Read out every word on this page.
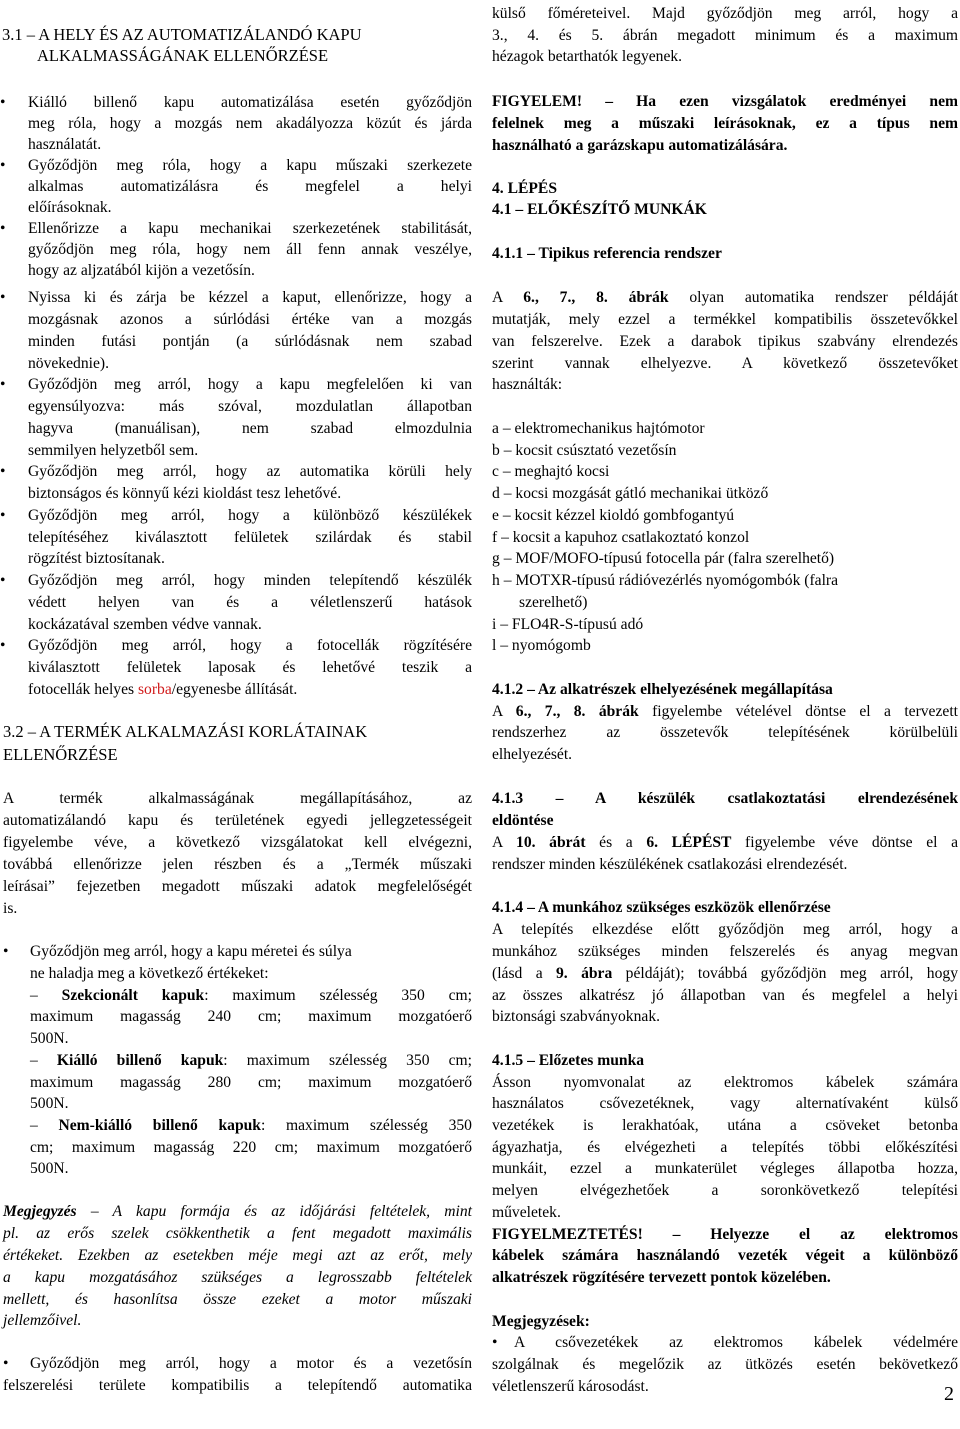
3.1 – A HELY ÉS AZ AUTOMATIZÁLANDÓ KAPU
ALKALMASSÁGÁNAK ELLENŐRZÉSE
•	Kiálló billenő kapu automatizálása esetén győződjön
meg róla, hogy a mozgás nem akadályozza közút és járda
használatát.
•	Győződjön meg róla, hogy a kapu műszaki szerkezete
alkalmas automatizálásra és megfelel a helyi
előírásoknak.
•	Ellenőrizze a kapu mechanikai szerkezetének stabilitását,
győződjön meg róla, hogy nem áll fenn annak veszélye,
hogy az aljzatából kijön a vezetősín.
•	Nyissa ki és zárja be kézzel a kaput, ellenőrizze, hogy a
mozgásnak azonos a súrlódási értéke van a mozgás
minden futási pontján (a súrlódásnak nem szabad
növekednie).
•	Győződjön meg arról, hogy a kapu megfelelően ki van
egyensúlyozva: más szóval, mozdulatlan állapotban
hagyva (manuálisan), nem szabad elmozdulnia
semmilyen helyzetből sem.
•	Győződjön meg arról, hogy az automatika körüli hely
biztonságos és könnyű kézi kioldást tesz lehetővé.
•	Győződjön meg arról, hogy a különböző készülékek
telepítéséhez kiválasztott felületek szilárdak és stabil
rögzítést biztosítanak.
•	Győződjön meg arról, hogy minden telepítendő készülék
védett helyen van és a véletlenszerű hatások
kockázatával szemben védve vannak.
•	Győződjön meg arról, hogy a fotocellák rögzítésére
kiválasztott felületek laposak és lehetővé teszik a
fotocellák helyes sorba/egyenesbe állítását.
3.2 – A TERMÉK ALKALMAZÁSI KORLÁTAINAK
ELLENŐRZÉSE
A termék alkalmasságának megállapításához, az
automatizálandó kapu és területének egyedi jellegzetességeit
figyelembe véve, a következő vizsgálatokat kell elvégezni,
továbbá ellenőrizze jelen részben és a „Termék műszaki
leírásai” fejezetben megadott műszaki adatok megfelelőségét
is.
•	Győződjön meg arról, hogy a kapu méretei és súlya
ne haladja meg a következő értékeket:
– Szekcionált kapuk: maximum szélesség 350 cm;
maximum magasság 240 cm; maximum mozgatóerő
500N.
– Kiálló billenő kapuk: maximum szélesség 350 cm;
maximum magasság 280 cm; maximum mozgatóerő
500N.
– Nem-kiálló billenő kapuk: maximum szélesség 350
cm; maximum magasság 220 cm; maximum mozgatóerő
500N.
Megjegyzés – A kapu formája és az időjárási feltételek, mint
pl. az erős szelek csökkenthetik a fent megadott maximális
értékeket. Ezekben az esetekben méje megi azt az erőt, mely
a kapu mozgatásához szükséges a legrosszabb feltételek
mellett, és hasonlítsa össze ezeket a motor műszaki
jellemzőivel.
•	Győződjön meg arról, hogy a motor és a vezetősín
felszerelési területe kompatibilis a telepítendő automatika
külső főméreteivel. Majd győződjön meg arról, hogy a
3., 4. és 5. ábrán megadott minimum és a maximum
hézagok betarthatók legyenek.
FIGYELEM! – Ha ezen vizsgálatok eredményei nem
felelnek meg a műszaki leírásoknak, ez a típus nem
használható a garázskapu automatizálására.
4. LÉPÉS
4.1 – ELŐKÉSZÍTŐ MUNKÁK
4.1.1 – Tipikus referencia rendszer
A 6., 7., 8. ábrák olyan automatika rendszer példáját
mutatják, mely ezzel a termékkel kompatibilis összetevőkkel
van felszerelve. Ezek a darabok tipikus szabvány elrendezés
szerint vannak elhelyezve. A következő összetevőket
használták:
a – elektromechanikus hajtómotor
b – kocsit csúsztató vezetősín
c – meghajtó kocsi
d – kocsi mozgását gátló mechanikai ütköző
e – kocsit kézzel kioldó gombfogantyú
f – kocsit a kapuhoz csatlakoztató konzol
g – MOF/MOFO-típusú fotocella pár (falra szerelhető)
h – MOTXR-típusú rádióvezérlés nyomógombók (falra
szerelhető)
i – FLO4R-S-típusú adó
l – nyomógomb
4.1.2 – Az alkatrészek elhelyezésének megállapítása
A 6., 7., 8. ábrák figyelembe vételével döntse el a tervezett
rendszerhez az összetevők telepítésének körülbelüli
elhelyezését.
4.1.3 – A készülék csatlakoztatási elrendezésének
eldöntése
A 10. ábrát és a 6. LÉPÉST figyelembe véve döntse el a
rendszer minden készülékének csatlakozási elrendezését.
4.1.4 – A munkához szükséges eszközök ellenőrzése
A telepítés elkezdése előtt győződjön meg arról, hogy a
munkához szükséges minden felszerelés és anyag megvan
(lásd a 9. ábra példáját); továbbá győződjön meg arról, hogy
az összes alkatrész jó állapotban van és megfelel a helyi
biztonsági szabványoknak.
4.1.5 – Előzetes munka
Ásson nyomvonalat az elektromos kábelek számára
használatos csővezetéknek, vagy alternatívaként külső
vezetékek is lerakhatóak, utána a csöveket betonba
ágyazhatja, és elvégezheti a telepítés többi előkészítési
munkáit, ezzel a munkaterület végleges állapotba hozza,
melyen elvégezhetőek a soronkövetkező telepítési
műveletek.
FIGYELMEZTETÉS! – Helyezze el az elektromos
kábelek számára használandó vezeték végeit a különböző
alkatrészek rögzítésére tervezett pontok közelében.
Megjegyzések:
• A csővezetékek az elektromos kábelek védelmére
szolgálnak és megelőzik az ütközés esetén bekövetkező
véletlenszerű károsodást.	2
